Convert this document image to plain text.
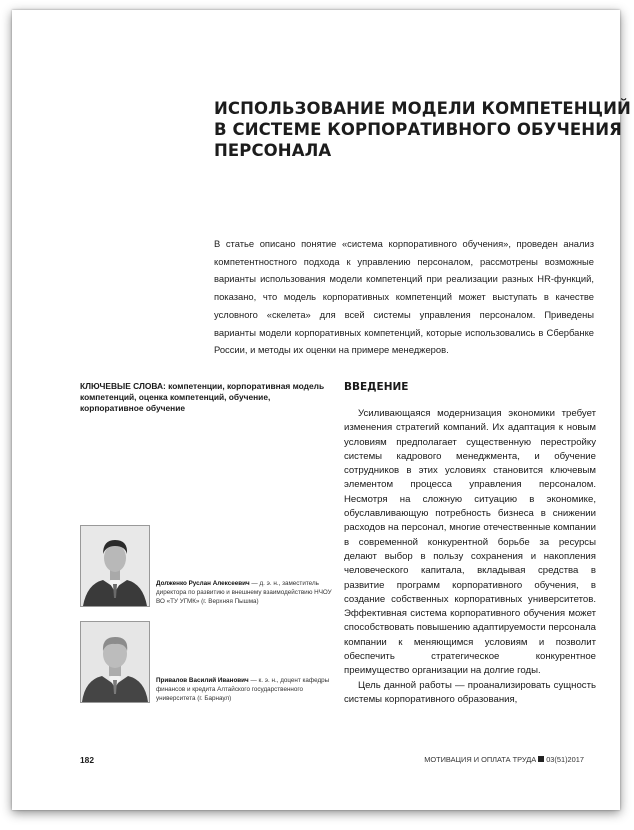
ИСПОЛЬЗОВАНИЕ МОДЕЛИ КОМПЕТЕНЦИЙ
В СИСТЕМЕ КОРПОРАТИВНОГО ОБУЧЕНИЯ
ПЕРСОНАЛА

В статье описано понятие «система корпоративного обучения», проведен анализ компетентностного подхода к управлению персоналом, рассмотрены возможные варианты использования модели компетенций при реализации разных HR-функций, показано, что модель корпоративных компетенций может выступать в качестве условного «скелета» для всей системы управления персоналом. Приведены варианты модели корпоративных компетенций, которые использовались в Сбербанке России, и методы их оценки на примере менеджеров.

КЛЮЧЕВЫЕ СЛОВА: компетенции, корпоративная модель компетенций, оценка компетенций, обучение, корпоративное обучение
ВВЕДЕНИЕ

Усиливающаяся модернизация экономики требует изменения стратегий компаний. Их адаптация к новым условиям предполагает существенную перестройку системы кадрового менеджмента, и обучение сотрудников в этих условиях становится ключевым элементом процесса управления персоналом. Несмотря на сложную ситуацию в экономике, обуславливающую потребность бизнеса в снижении расходов на персонал, многие отечественные компании в современной конкурентной борьбе за ресурсы делают выбор в пользу сохранения и накопления человеческого капитала, вкладывая средства в развитие программ корпоративного обучения, в создание собственных корпоративных университетов. Эффективная система корпоративного обучения может способствовать повышению адаптируемости персонала компании к меняющимся условиям и позволит обеспечить стратегическое конкурентное преимущество организации на долгие годы.

Цель данной работы — проанализировать сущность системы корпоративного образования,

Долженко Руслан Алексеевич — д. э. н., заместитель директора по развитию и внешнему взаимодействию НЧОУ ВО «ТУ УГМК» (г. Верхняя Пышма)
Привалов Василий Иванович — к. э. н., доцент кафедры финансов и кредита Алтайского государственного университета (г. Барнаул)
182	МОТИВАЦИЯ И ОПЛАТА ТРУДА 03(51)2017
